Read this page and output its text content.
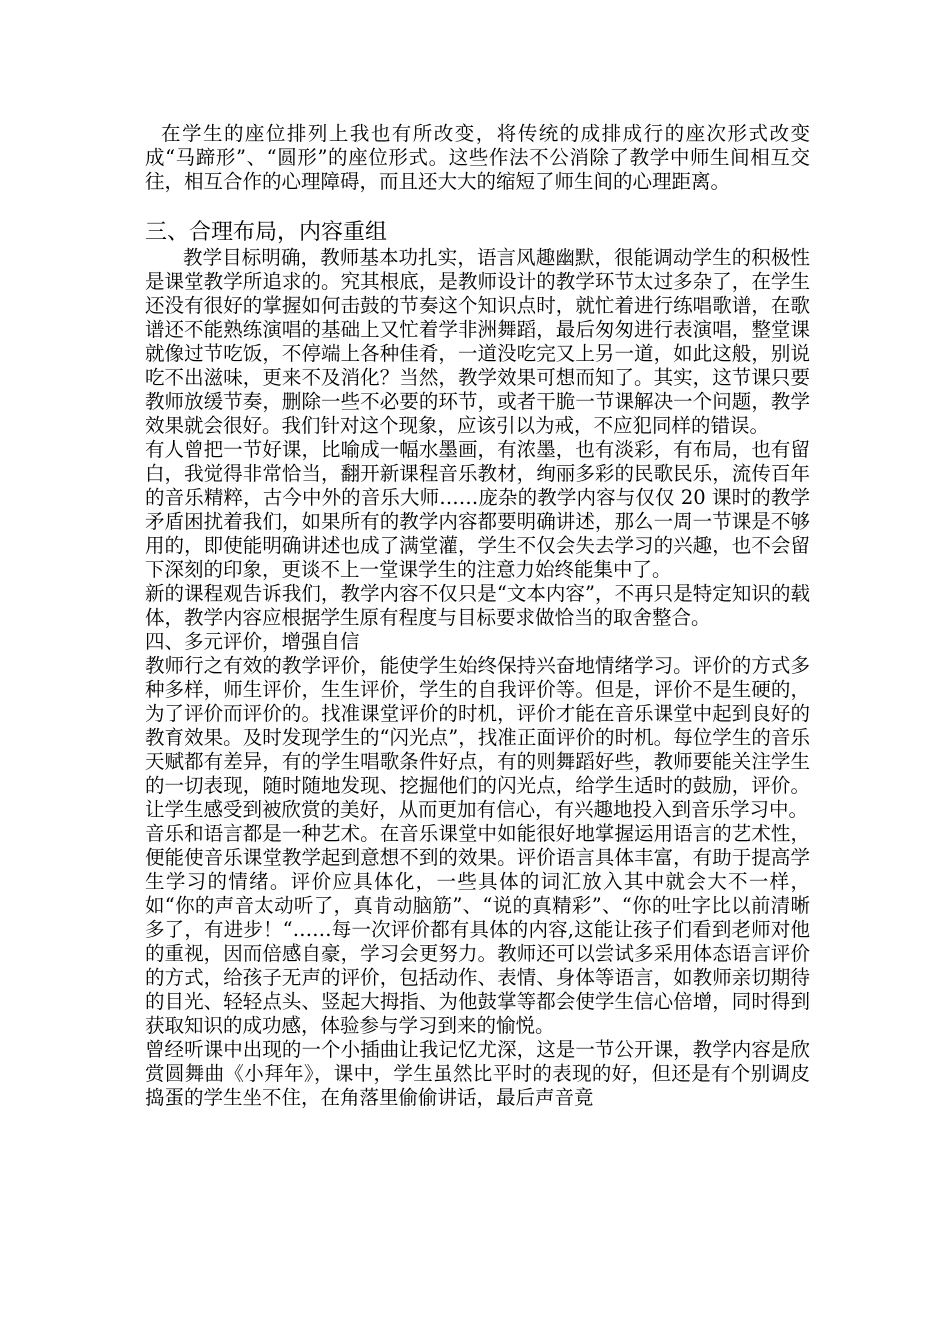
在学生的座位排列上我也有所改变，将传统的成排成行的座次形式改变成“马蹄形”、“圆形”的座位形式。这些作法不公消除了教学中师生间相互交往，相互合作的心理障碍，而且还大大的缩短了师生间的心理距离。

三、合理布局，内容重组

教学目标明确，教师基本功扎实，语言风趣幽默，很能调动学生的积极性是课堂教学所追求的。究其根底，是教师设计的教学环节太过多杂了，在学生还没有很好的掌握如何击鼓的节奏这个知识点时，就忙着进行练唱歌谱，在歌谱还不能熟练演唱的基础上又忙着学非洲舞蹈，最后匆匆进行表演唱，整堂课就像过节吃饭，不停端上各种佳肴，一道没吃完又上另一道，如此这般，别说吃不出滋味，更来不及消化？当然，教学效果可想而知了。其实，这节课只要教师放缓节奏，删除一些不必要的环节，或者干脆一节课解决一个问题，教学效果就会很好。我们针对这个现象，应该引以为戒，不应犯同样的错误。

有人曾把一节好课，比喻成一幅水墨画，有浓墨，也有淡彩，有布局，也有留白，我觉得非常恰当，翻开新课程音乐教材，绚丽多彩的民歌民乐，流传百年的音乐精粹，古今中外的音乐大师……庞杂的教学内容与仅仅 20 课时的教学矛盾困扰着我们，如果所有的教学内容都要明确讲述，那么一周一节课是不够用的，即使能明确讲述也成了满堂灌，学生不仅会失去学习的兴趣，也不会留下深刻的印象，更谈不上一堂课学生的注意力始终能集中了。

新的课程观告诉我们，教学内容不仅只是“文本内容”，不再只是特定知识的载体，教学内容应根据学生原有程度与目标要求做恰当的取舍整合。

四、多元评价，增强自信

教师行之有效的教学评价，能使学生始终保持兴奋地情绪学习。评价的方式多种多样，师生评价，生生评价，学生的自我评价等。但是，评价不是生硬的，为了评价而评价的。找准课堂评价的时机，评价才能在音乐课堂中起到良好的教育效果。及时发现学生的“闪光点”，找准正面评价的时机。每位学生的音乐天赋都有差异，有的学生唱歌条件好点，有的则舞蹈好些，教师要能关注学生的一切表现，随时随地发现、挖掘他们的闪光点，给学生适时的鼓励，评价。让学生感受到被欣赏的美好，从而更加有信心，有兴趣地投入到音乐学习中。

音乐和语言都是一种艺术。在音乐课堂中如能很好地掌握运用语言的艺术性，便能使音乐课堂教学起到意想不到的效果。评价语言具体丰富，有助于提高学生学习的情绪。评价应具体化，一些具体的词汇放入其中就会大不一样，如“你的声音太动听了，真肯动脑筋”、“说的真精彩”、“你的吐字比以前清晰多了，有进步！“……每一次评价都有具体的内容,这能让孩子们看到老师对他的重视，因而倍感自豪，学习会更努力。教师还可以尝试多采用体态语言评价的方式，给孩子无声的评价，包括动作、表情、身体等语言，如教师亲切期待的目光、轻轻点头、竖起大拇指、为他鼓掌等都会使学生信心倍增，同时得到获取知识的成功感，体验参与学习到来的愉悦。

曾经听课中出现的一个小插曲让我记忆尤深，这是一节公开课，教学内容是欣赏圆舞曲《小拜年》，课中，学生虽然比平时的表现的好，但还是有个别调皮捣蛋的学生坐不住，在角落里偷偷讲话，最后声音竟
